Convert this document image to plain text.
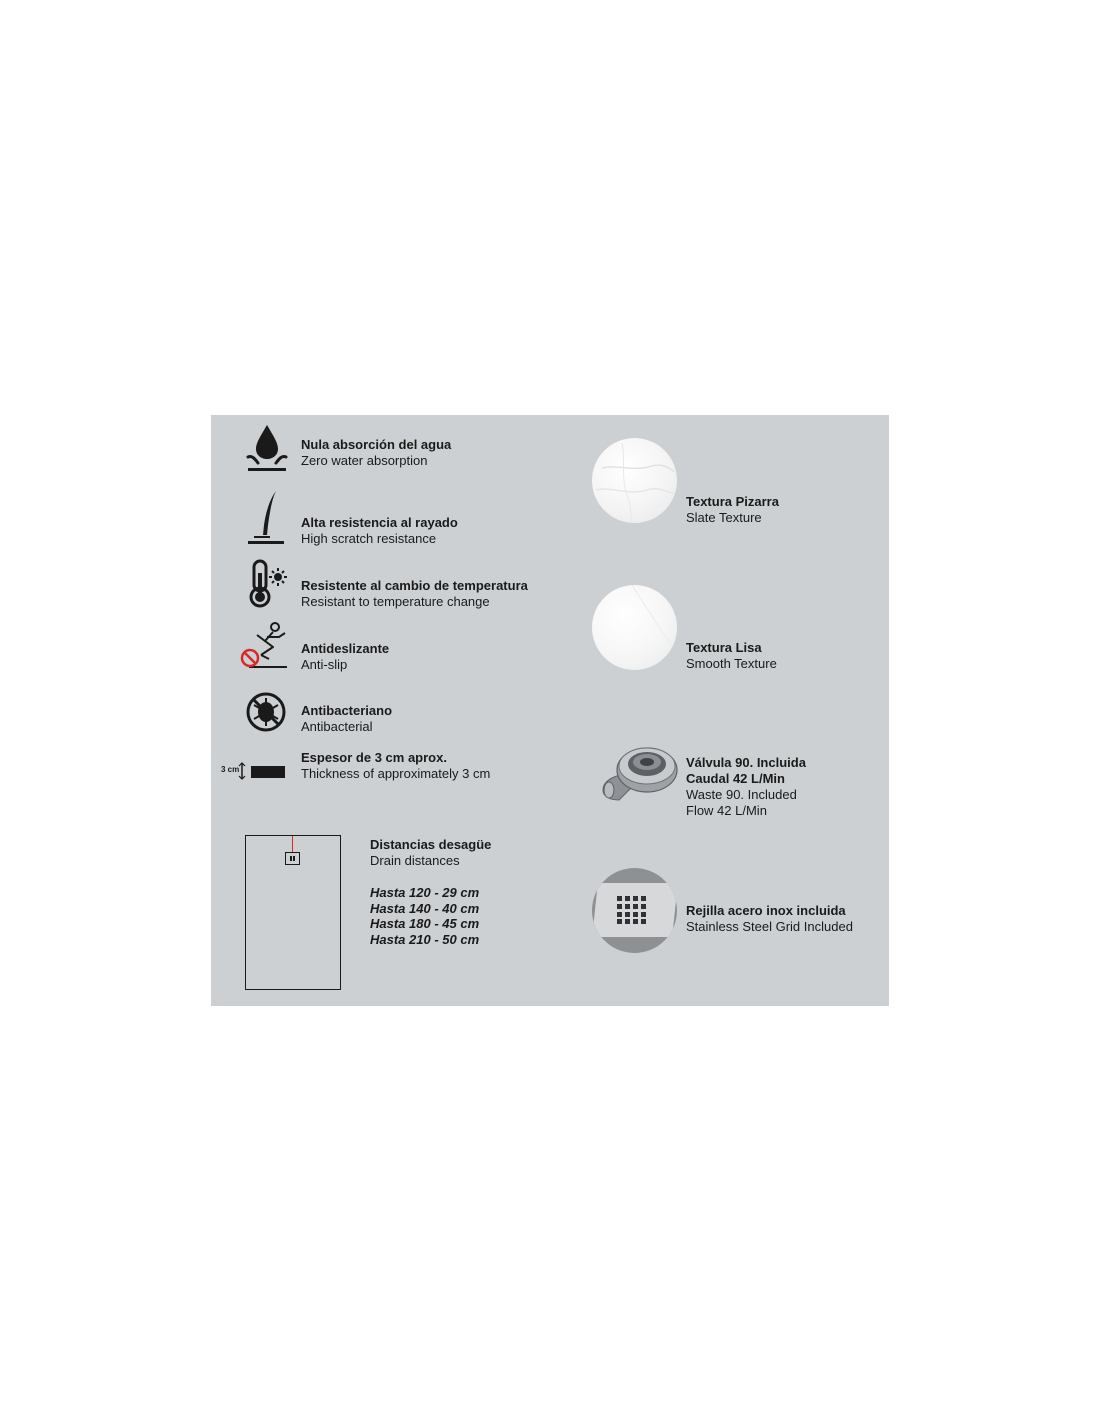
Nula absorción del agua
Zero water absorption
Alta resistencia al rayado
High scratch resistance
Resistente al cambio de temperatura
Resistant to temperature change
Antideslizante
Anti-slip
Antibacteriano
Antibacterial
3 cm
Espesor de 3 cm aprox.
Thickness of approximately 3 cm
Distancias desagüe
Drain distances
Hasta 120 - 29 cm
Hasta 140 - 40 cm
Hasta 180 - 45 cm
Hasta 210 - 50 cm
Textura Pizarra
Slate Texture
Textura Lisa
Smooth Texture
Válvula 90. Incluida
Caudal 42 L/Min
Waste 90. Included
Flow 42 L/Min
Rejilla acero inox incluida
Stainless Steel Grid Included
